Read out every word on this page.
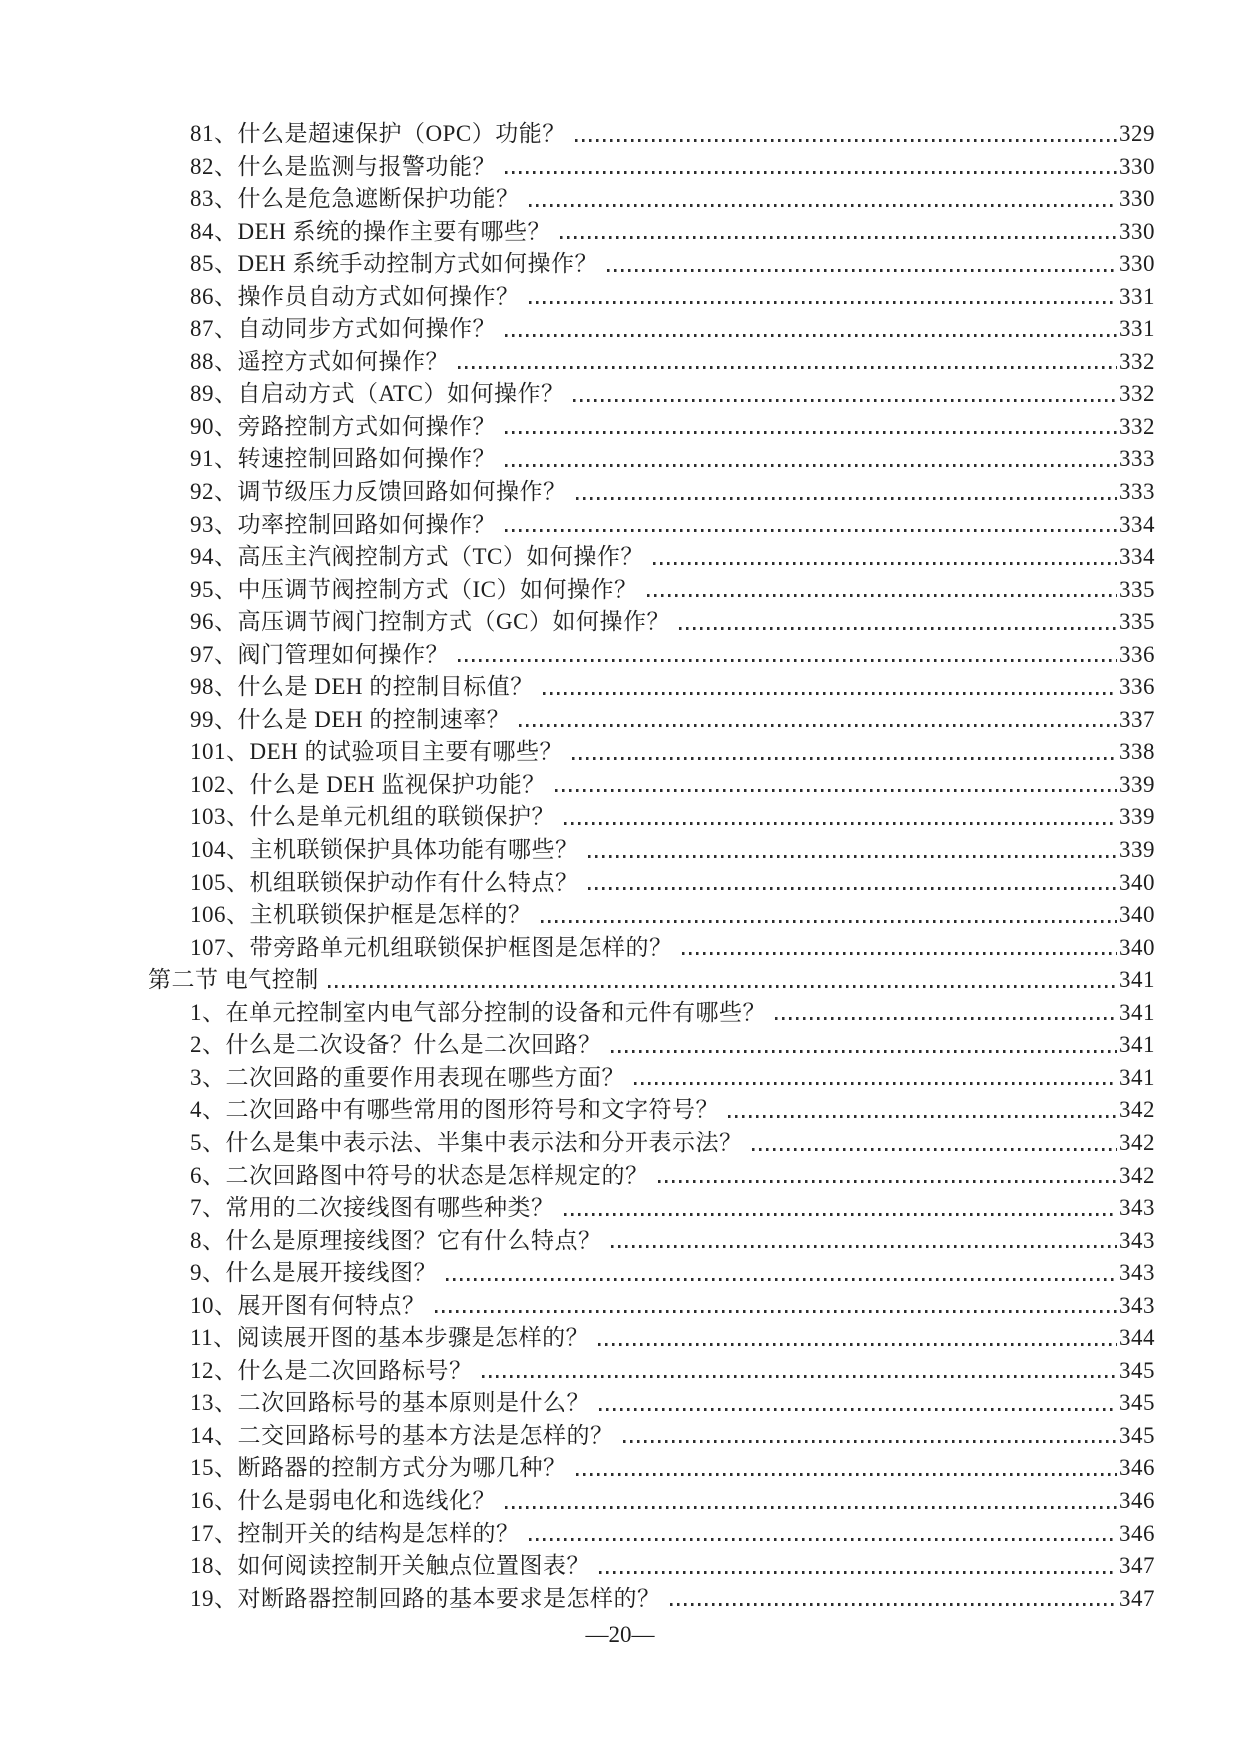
81、什么是超速保护（OPC）功能？	329
82、什么是监测与报警功能？	330
83、什么是危急遮断保护功能？	330
84、DEH 系统的操作主要有哪些？	330
85、DEH 系统手动控制方式如何操作？	330
86、操作员自动方式如何操作？	331
87、自动同步方式如何操作？	331
88、遥控方式如何操作？	332
89、自启动方式（ATC）如何操作？	332
90、旁路控制方式如何操作？	332
91、转速控制回路如何操作？	333
92、调节级压力反馈回路如何操作？	333
93、功率控制回路如何操作？	334
94、高压主汽阀控制方式（TC）如何操作？	334
95、中压调节阀控制方式（IC）如何操作？	335
96、高压调节阀门控制方式（GC）如何操作？	335
97、阀门管理如何操作？	336
98、什么是 DEH 的控制目标值？	336
99、什么是 DEH 的控制速率？	337
101、DEH 的试验项目主要有哪些？	338
102、什么是 DEH 监视保护功能？	339
103、什么是单元机组的联锁保护？	339
104、主机联锁保护具体功能有哪些？	339
105、机组联锁保护动作有什么特点？	340
106、主机联锁保护框是怎样的？	340
107、带旁路单元机组联锁保护框图是怎样的？	340
第二节 电气控制	341
1、在单元控制室内电气部分控制的设备和元件有哪些？	341
2、什么是二次设备？什么是二次回路？	341
3、二次回路的重要作用表现在哪些方面？	341
4、二次回路中有哪些常用的图形符号和文字符号？	342
5、什么是集中表示法、半集中表示法和分开表示法？	342
6、二次回路图中符号的状态是怎样规定的？	342
7、常用的二次接线图有哪些种类？	343
8、什么是原理接线图？它有什么特点？	343
9、什么是展开接线图？	343
10、展开图有何特点？	343
11、阅读展开图的基本步骤是怎样的？	344
12、什么是二次回路标号？	345
13、二次回路标号的基本原则是什么？	345
14、二交回路标号的基本方法是怎样的？	345
15、断路器的控制方式分为哪几种？	346
16、什么是弱电化和选线化？	346
17、控制开关的结构是怎样的？	346
18、如何阅读控制开关触点位置图表？	347
19、对断路器控制回路的基本要求是怎样的？	347
—20—
